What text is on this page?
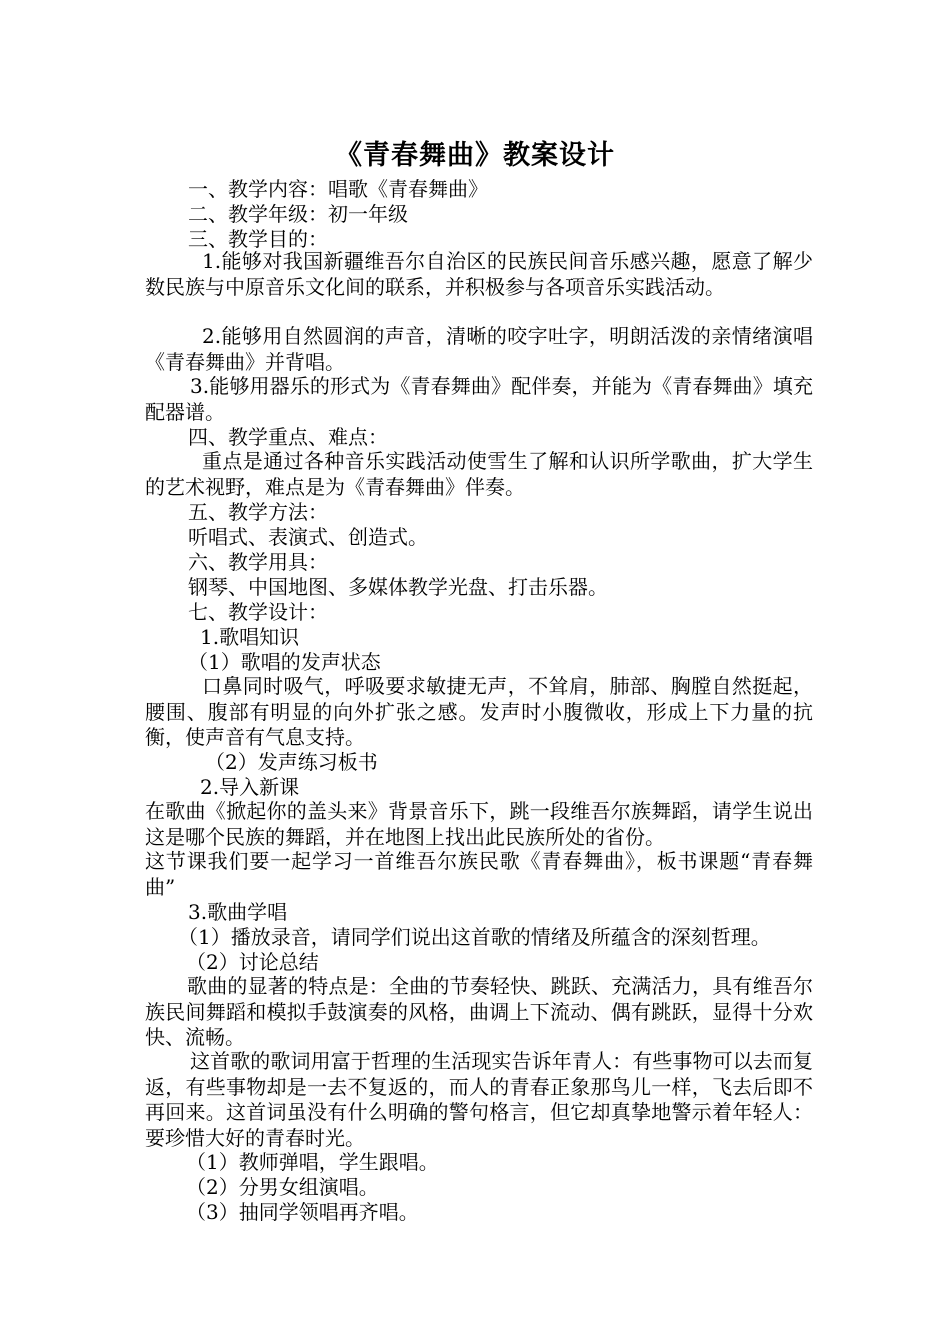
《青春舞曲》教案设计
一、教学内容：唱歌《青春舞曲》
二、教学年级：初一年级
三、教学目的：
1.能够对我国新疆维吾尔自治区的民族民间音乐感兴趣，愿意了解少数民族与中原音乐文化间的联系，并积极参与各项音乐实践活动。
2.能够用自然圆润的声音，清晰的咬字吐字，明朗活泼的亲情绪演唱《青春舞曲》并背唱。
3.能够用器乐的形式为《青春舞曲》配伴奏，并能为《青春舞曲》填充配器谱。
四、教学重点、难点：
重点是通过各种音乐实践活动使雪生了解和认识所学歌曲，扩大学生的艺术视野，难点是为《青春舞曲》伴奏。
五、教学方法：
听唱式、表演式、创造式。
六、教学用具：
钢琴、中国地图、多媒体教学光盘、打击乐器。
七、教学设计：
1.歌唱知识
（1）歌唱的发声状态
口鼻同时吸气，呼吸要求敏捷无声，不耸肩，肺部、胸膛自然挺起，腰围、腹部有明显的向外扩张之感。发声时小腹微收，形成上下力量的抗衡，使声音有气息支持。
（2）发声练习板书
2.导入新课
在歌曲《掀起你的盖头来》背景音乐下，跳一段维吾尔族舞蹈，请学生说出这是哪个民族的舞蹈，并在地图上找出此民族所处的省份。
这节课我们要一起学习一首维吾尔族民歌《青春舞曲》，板书课题“青春舞曲”
3.歌曲学唱
（1）播放录音，请同学们说出这首歌的情绪及所蕴含的深刻哲理。
（2）讨论总结
歌曲的显著的特点是：全曲的节奏轻快、跳跃、充满活力，具有维吾尔族民间舞蹈和模拟手鼓演奏的风格，曲调上下流动、偶有跳跃，显得十分欢快、流畅。
这首歌的歌词用富于哲理的生活现实告诉年青人：有些事物可以去而复返，有些事物却是一去不复返的，而人的青春正象那鸟儿一样，飞去后即不再回来。这首词虽没有什么明确的警句格言，但它却真挚地警示着年轻人：要珍惜大好的青春时光。
（1）教师弹唱，学生跟唱。
（2）分男女组演唱。
（3）抽同学领唱再齐唱。
